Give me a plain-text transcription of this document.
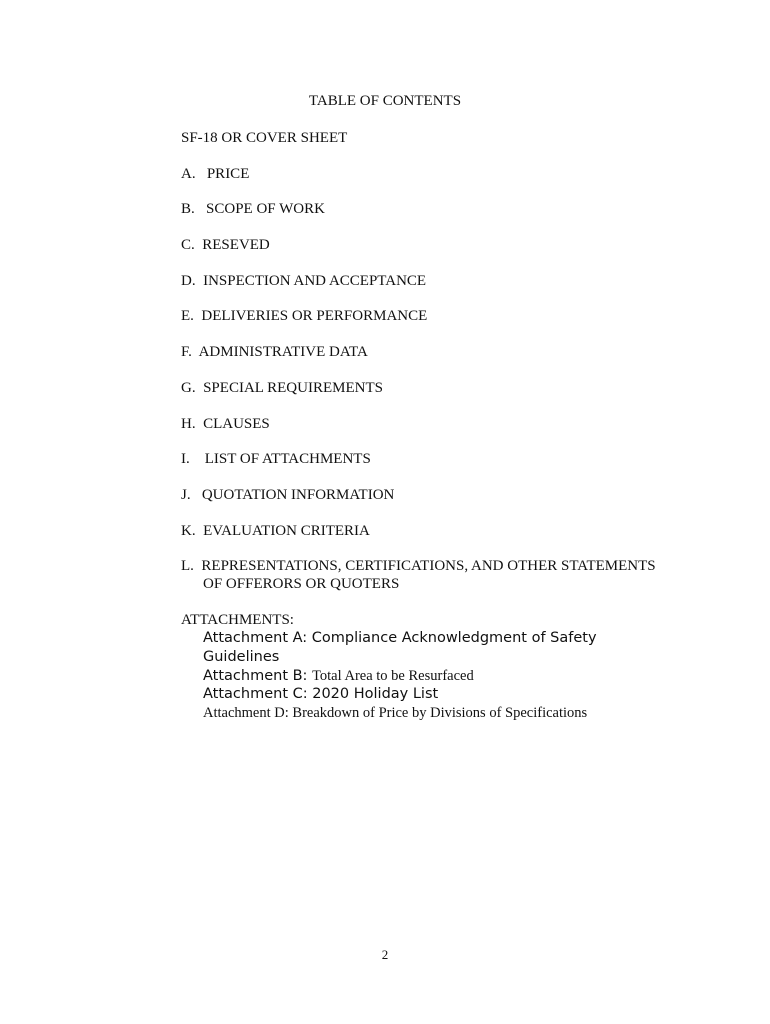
TABLE OF CONTENTS
SF-18 OR COVER SHEET
A.   PRICE
B.   SCOPE OF WORK
C.  RESEVED
D.  INSPECTION AND ACCEPTANCE
E.  DELIVERIES OR PERFORMANCE
F.  ADMINISTRATIVE DATA
G.  SPECIAL REQUIREMENTS
H.  CLAUSES
I.    LIST OF ATTACHMENTS
J.   QUOTATION INFORMATION
K.  EVALUATION CRITERIA
L.  REPRESENTATIONS, CERTIFICATIONS, AND OTHER STATEMENTS
OF OFFERORS OR QUOTERS
ATTACHMENTS:
Attachment A: Compliance Acknowledgment of Safety Guidelines
Attachment B: Total Area to be Resurfaced
Attachment C: 2020 Holiday List
Attachment D: Breakdown of Price by Divisions of Specifications
2
